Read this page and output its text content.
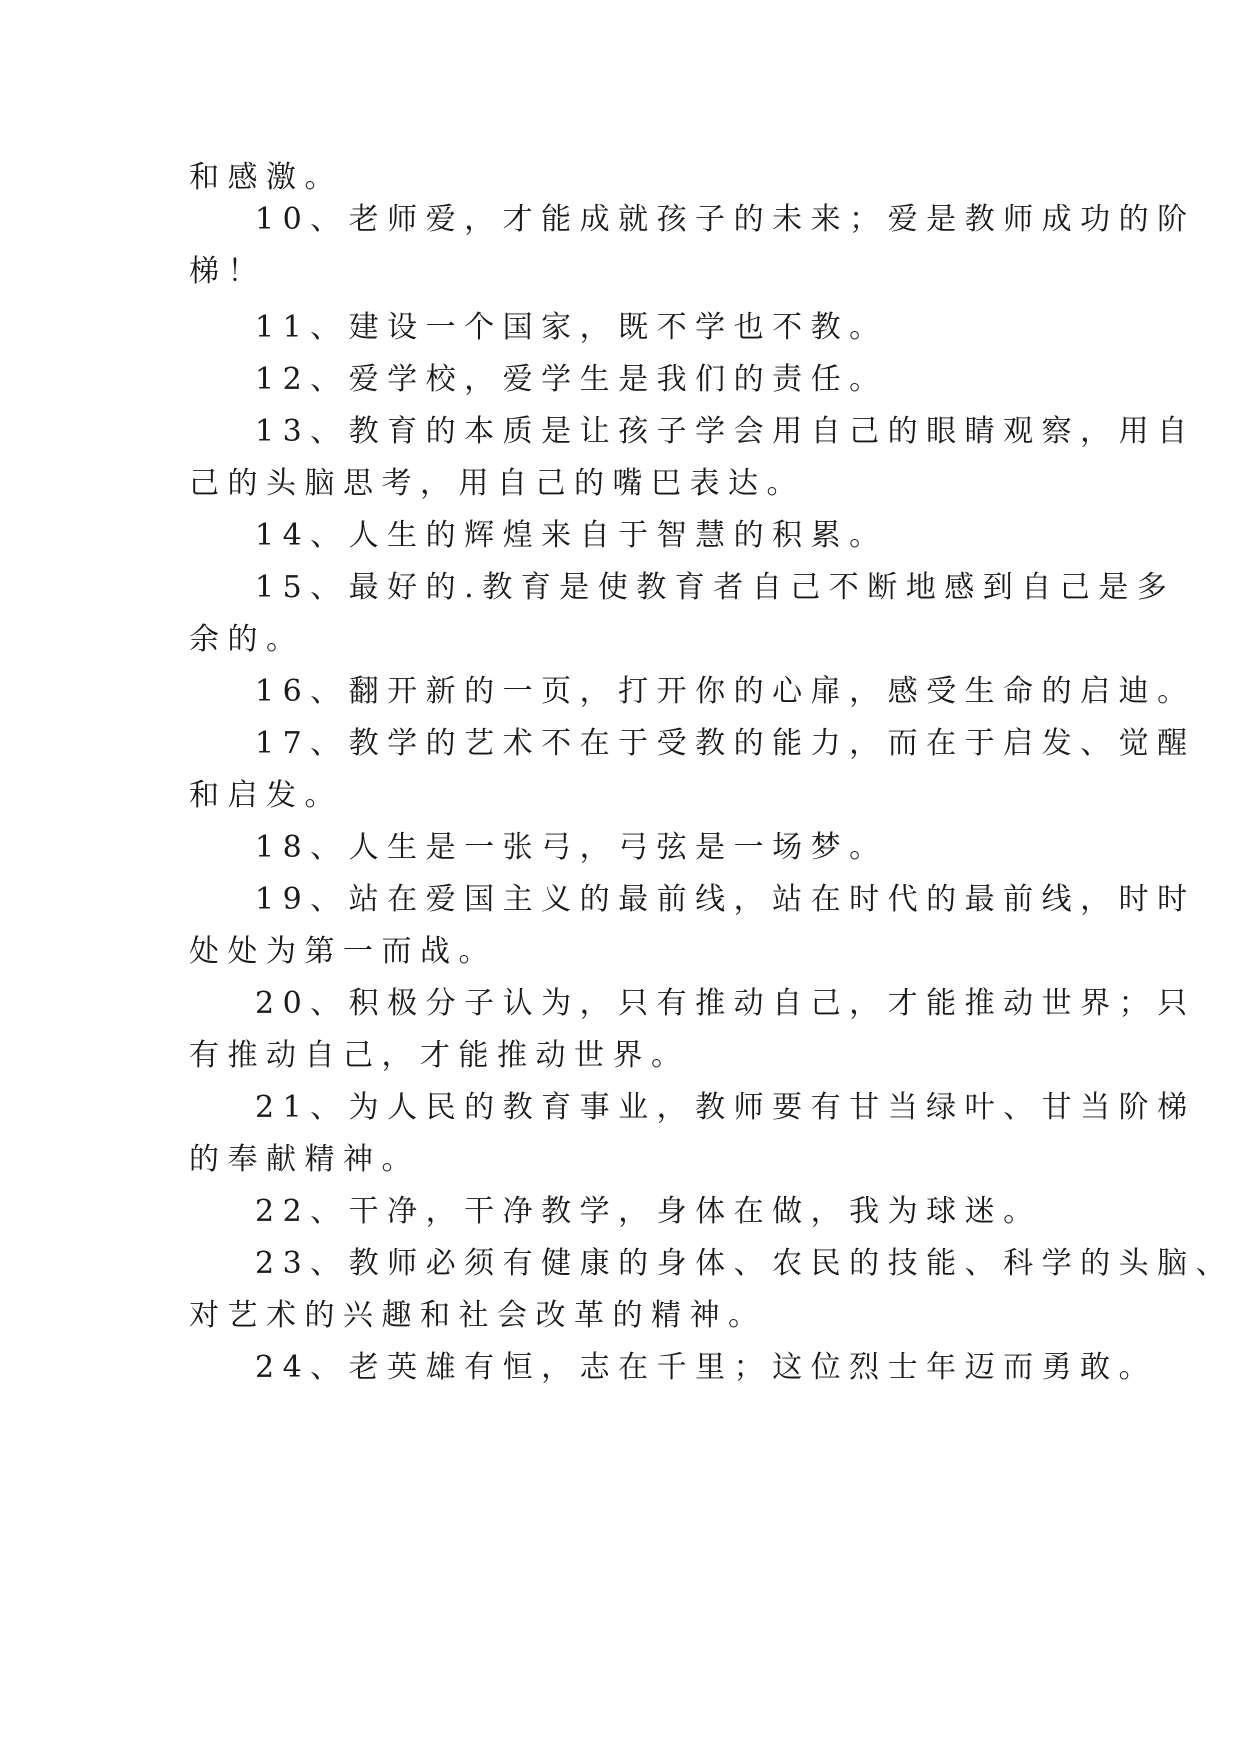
和感激。
10、老师爱，才能成就孩子的未来；爱是教师成功的阶
梯！
11、建设一个国家，既不学也不教。
12、爱学校，爱学生是我们的责任。
13、教育的本质是让孩子学会用自己的眼睛观察，用自
己的头脑思考，用自己的嘴巴表达。
14、人生的辉煌来自于智慧的积累。
15、最好的.教育是使教育者自己不断地感到自己是多
余的。
16、翻开新的一页，打开你的心扉，感受生命的启迪。
17、教学的艺术不在于受教的能力，而在于启发、觉醒
和启发。
18、人生是一张弓，弓弦是一场梦。
19、站在爱国主义的最前线，站在时代的最前线，时时
处处为第一而战。
20、积极分子认为，只有推动自己，才能推动世界；只
有推动自己，才能推动世界。
21、为人民的教育事业，教师要有甘当绿叶、甘当阶梯
的奉献精神。
22、干净，干净教学，身体在做，我为球迷。
23、教师必须有健康的身体、农民的技能、科学的头脑、
对艺术的兴趣和社会改革的精神。
24、老英雄有恒，志在千里；这位烈士年迈而勇敢。
